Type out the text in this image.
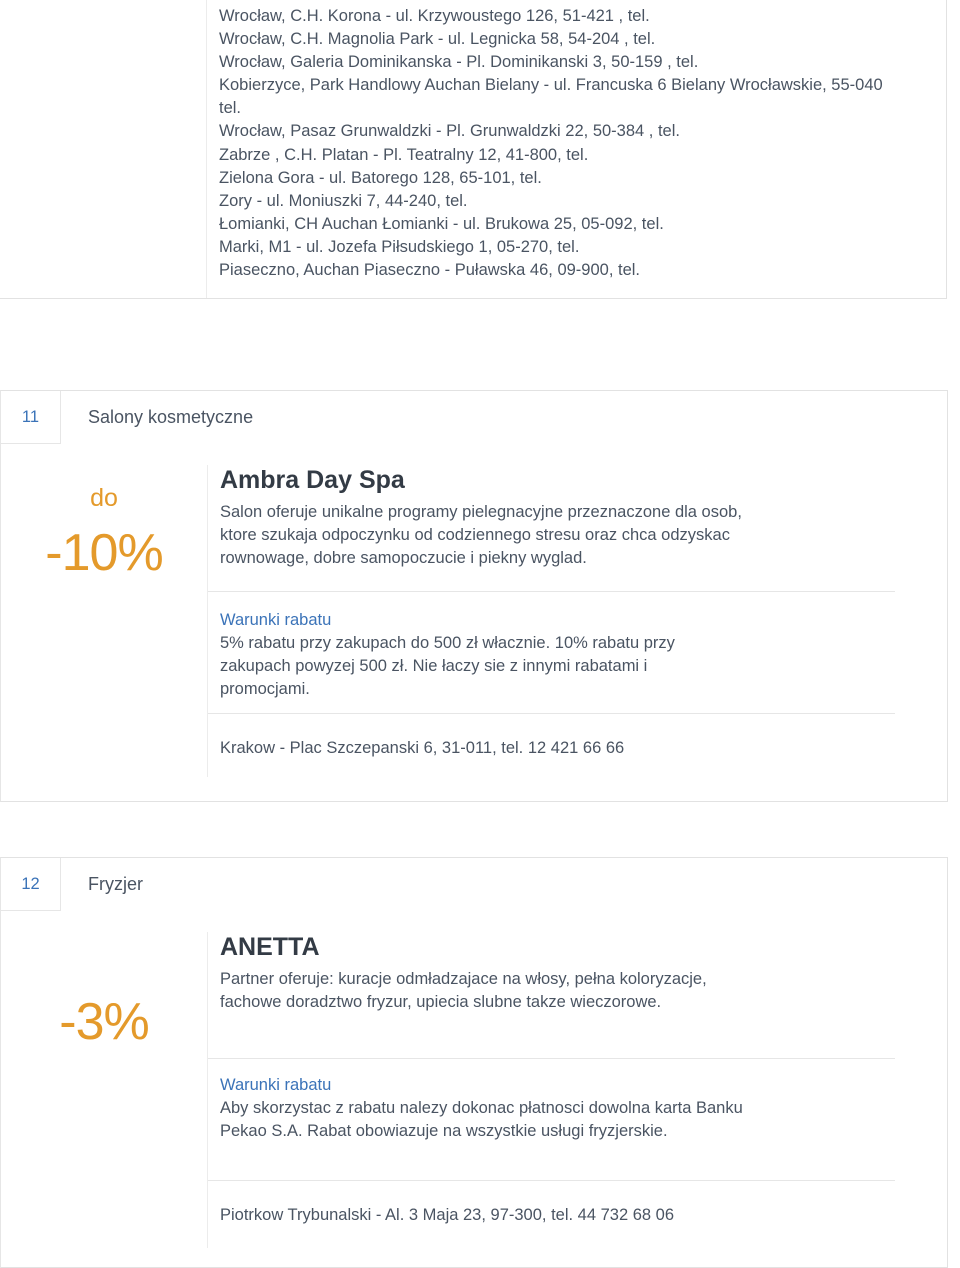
Wrocław, C.H. Korona - ul. Krzywoustego 126, 51-421 , tel.
Wrocław, C.H. Magnolia Park - ul. Legnicka 58, 54-204 , tel.
Wrocław, Galeria Dominikanska - Pl. Dominikanski 3, 50-159 , tel.
Kobierzyce, Park Handlowy Auchan Bielany - ul. Francuska 6 Bielany Wrocławskie, 55-040
tel.
Wrocław, Pasaz Grunwaldzki - Pl. Grunwaldzki 22, 50-384 , tel.
Zabrze , C.H. Platan - Pl. Teatralny 12, 41-800, tel.
Zielona Gora - ul. Batorego 128, 65-101, tel.
Zory - ul. Moniuszki 7, 44-240, tel.
Łomianki, CH Auchan Łomianki - ul. Brukowa 25, 05-092, tel.
Marki, M1 - ul. Jozefa Piłsudskiego 1, 05-270, tel.
Piaseczno, Auchan Piaseczno - Puławska 46, 09-900, tel.
11	Salony kosmetyczne
do
-10%

Ambra Day Spa

Salon oferuje unikalne programy pielegnacyjne przeznaczone dla osob, ktore szukaja odpoczynku od codziennego stresu oraz chca odzyskac rownowage, dobre samopoczucie i piekny wyglad.

Warunki rabatu

5% rabatu przy zakupach do 500 zł włacznie. 10% rabatu przy zakupach powyzej 500 zł. Nie łaczy sie z innymi rabatami i promocjami.

Krakow - Plac Szczepanski 6, 31-011, tel. 12 421 66 66

12	Fryzjer
-3%

ANETTA

Partner oferuje: kuracje odmładzajace na włosy, pełna koloryzacje, fachowe doradztwo fryzur, upiecia slubne takze wieczorowe.

Warunki rabatu

Aby skorzystac z rabatu nalezy dokonac płatnosci dowolna karta Banku Pekao S.A. Rabat obowiazuje na wszystkie usługi fryzjerskie.

Piotrkow Trybunalski - Al. 3 Maja 23, 97-300, tel. 44 732 68 06
